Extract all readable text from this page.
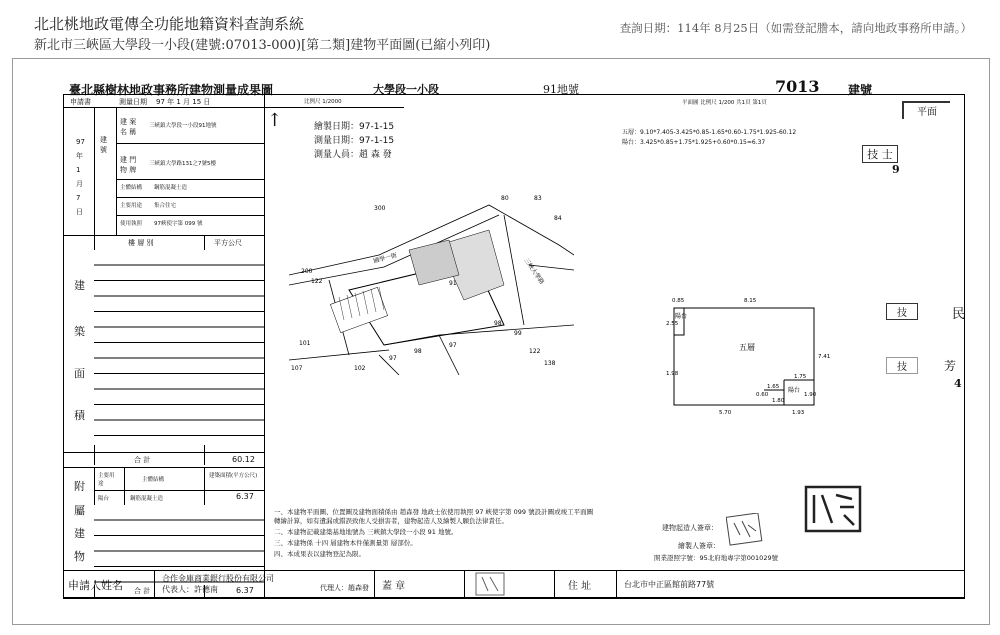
北北桃地政電傳全功能地籍資料查詢系統
新北市三峽區大學段一小段(建號:07013-000)[第二類]建物平面圖(已縮小列印)
查詢日期：114年 8月25日（如需登記謄本，請向地政事務所申請。）
臺北縣樹林地政事務所建物測量成果圖	大學段一小段	91地號	7013 建號
申請書	測量日期 97 年 1 月 15 日
97 年 1 月 7 日
建 號
建 案 名 稱
三峽鎮大學段一小段91地號
建 門 物 牌
三峽鎮大學路131之7號5樓
主體結構 鋼筋混凝土造
主要用途 集合住宅
使用執照 97峽使字第 099 號
樓 層 別	平方公尺
建
築
面
積
合 計	60.12
主要用途
主體結構
建築面積(平方公尺)
陽台	鋼筋混凝土造	6.37
附
屬
建
物
合 計	6.37
比例尺 1/2000
↑	繪製日期：97-1-15
測量日期：97-1-15
測量人員：趙 森 發
300
200
122	91
101
107	102
97
98
97
99
122
138
80	83
84
98
三峽大學路
國學一街
平面圖 比例尺 1/200 共1頁 第1頁
平面
五層：9.10*7.405-3.425*0.85-1.65*0.60-1.75*1.925-60.12
陽台：3.425*0.85+1.75*1.925+0.60*0.15=6.37
技 士
9
0.85	8.15
2.55
7.41
1.75
1.98
1.65
1.80
5.70	1.93
0.60	1.90
五層
陽台
陽台
技	民
技	芳
4
一、本建物平面圖、位置圖及建物面積係由 趙森發 地政士依使用執照 97 峽使字第 099 號設計圖或竣工平面圖
轉繪計算，如有遺漏或錯誤致他人受損害者，建物起造人及繪製人願負法律責任。
二、本建物記載建築基地地號為 三峽鎮大學段一小段 91 地號。
三、本建物係 十四 層建物本件僅測量第 層部份。
四、本成果表以建物登記為限。
建物起造人簽章：
繪製人簽章：
開業證照字號：95北府地專字第001029號
申請人姓名
合作金庫商業銀行股份有限公司
代表人：許德南	代理人：趙森發 蓋 章	住 址	台北市中正區館前路77號
